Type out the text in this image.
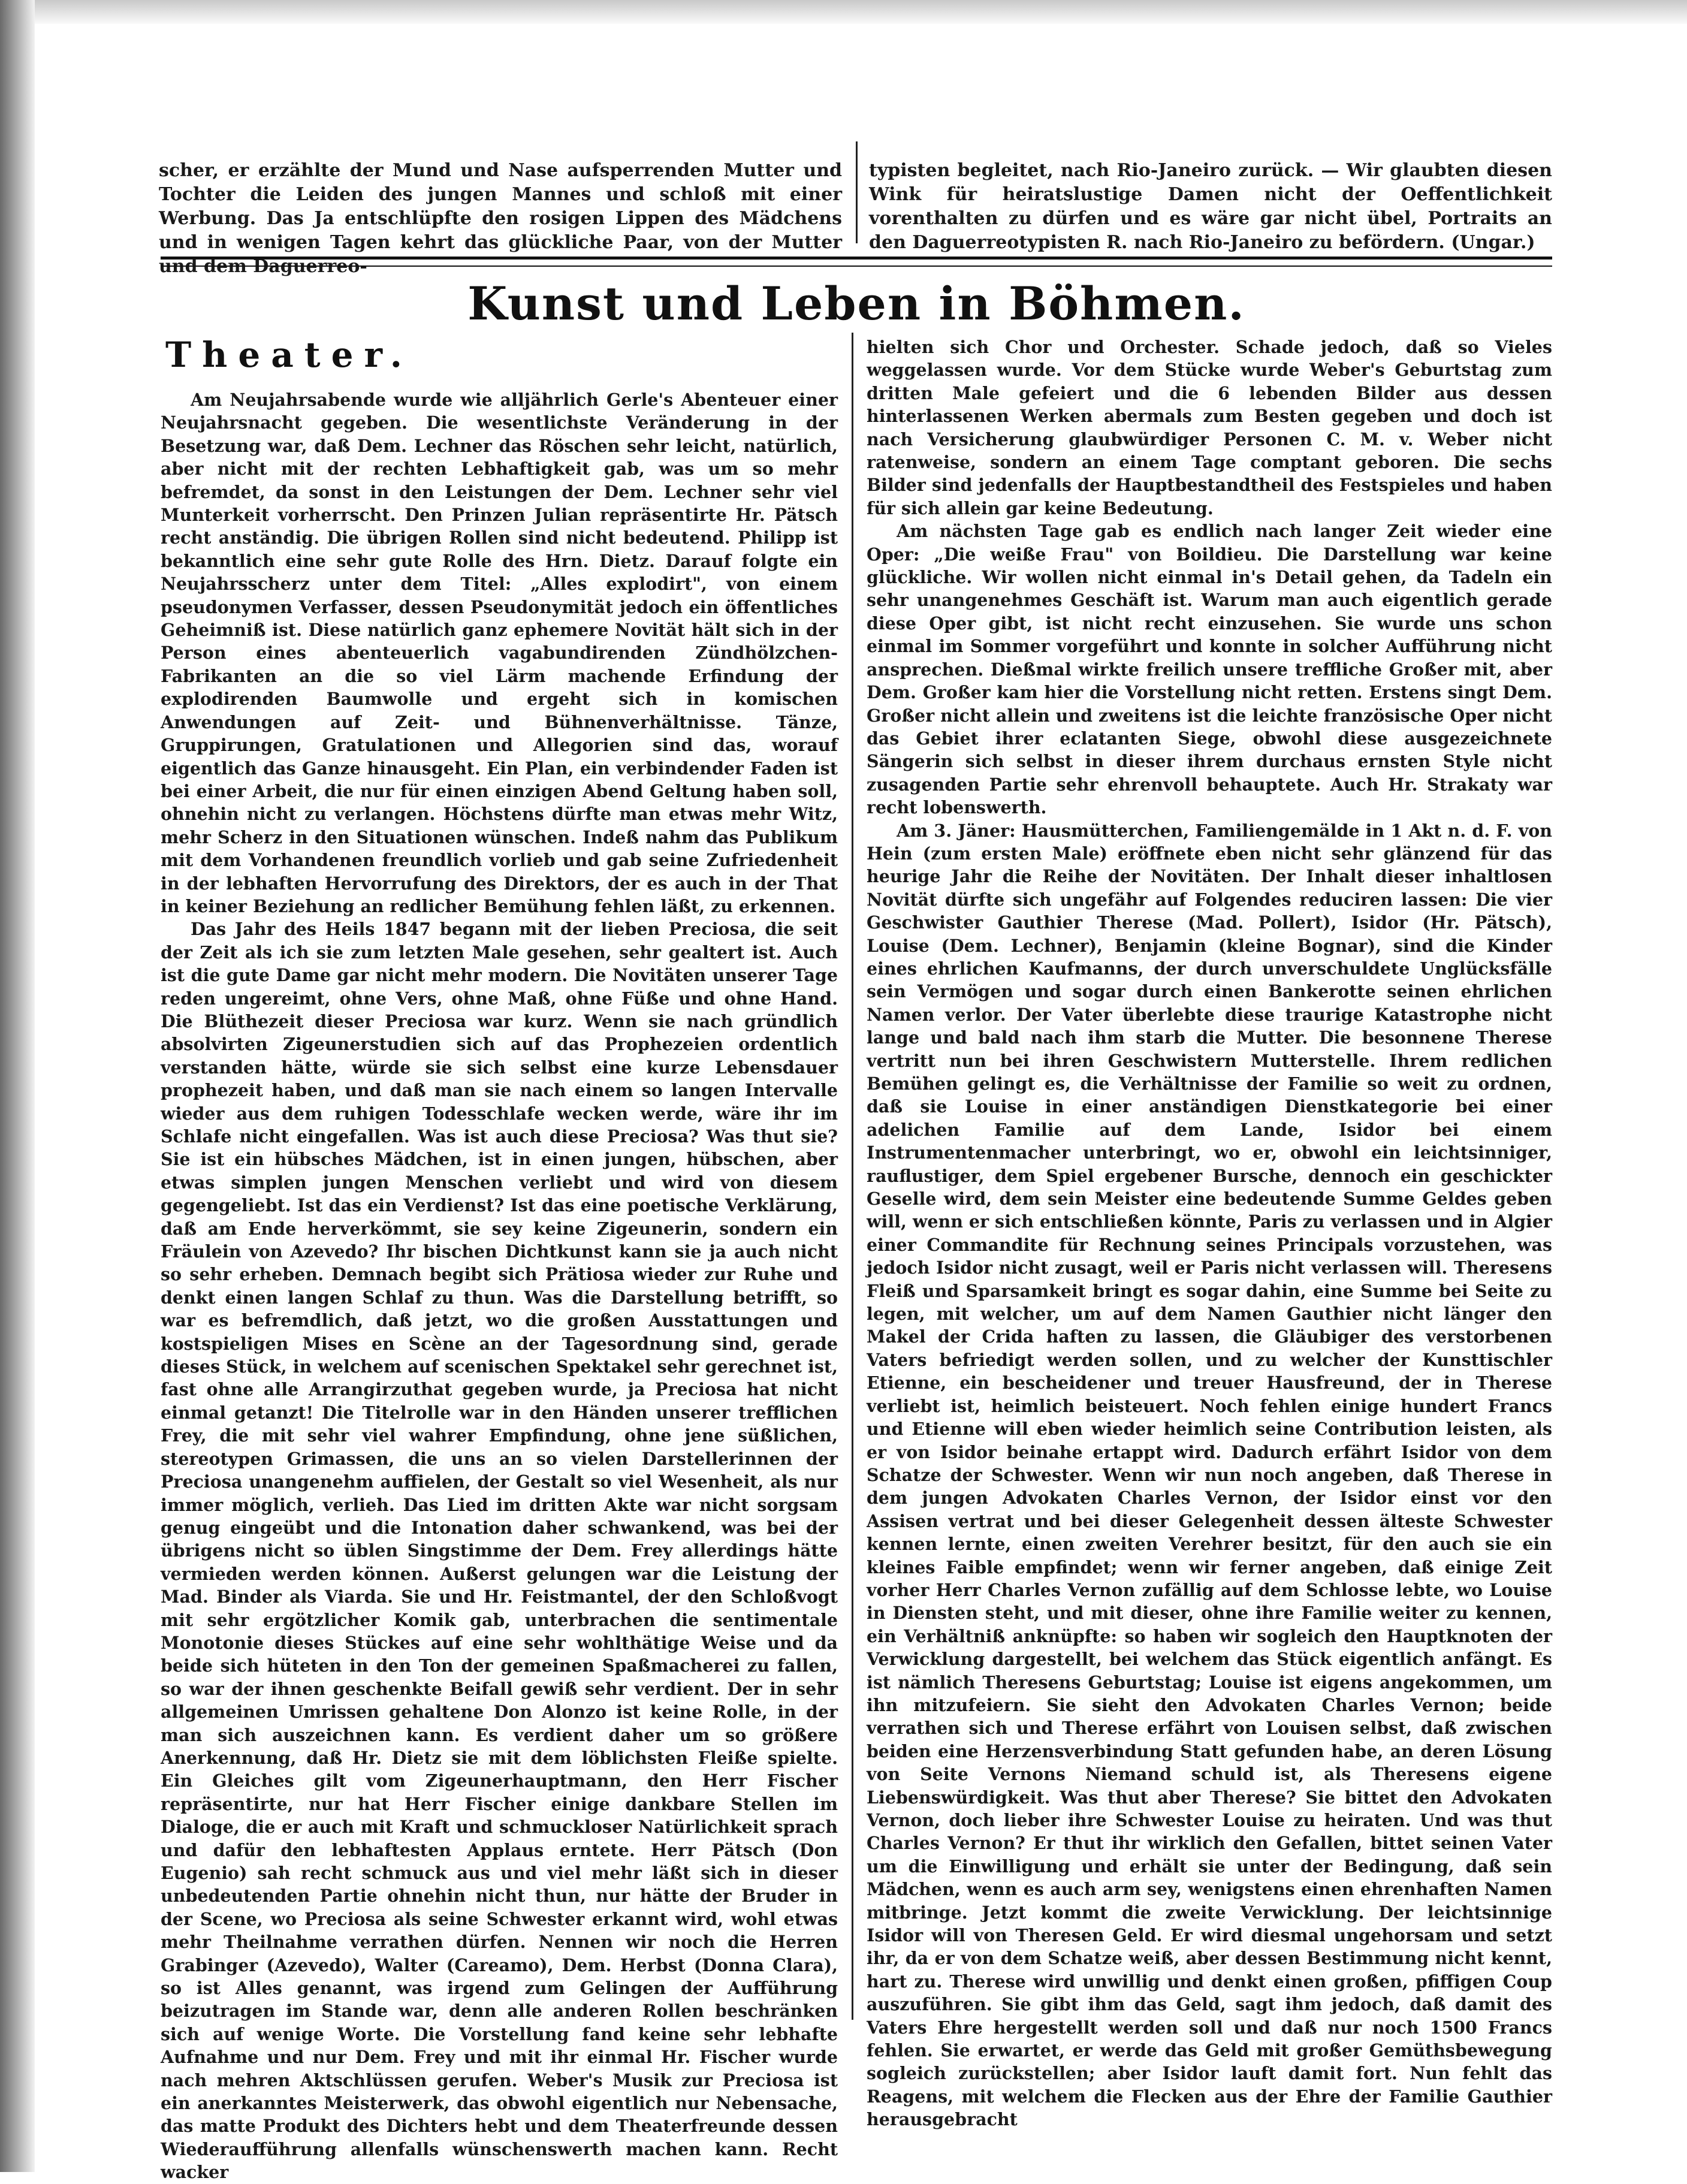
scher, er erzählte der Mund und Nase aufsperrenden Mutter und Tochter die Leiden des jungen Mannes und schloß mit einer Werbung. Das Ja entschlüpfte den rosigen Lippen des Mädchens und in wenigen Tagen kehrt das glückliche Paar, von der Mutter und dem Daguerreo-

typisten begleitet, nach Rio-Janeiro zurück. — Wir glaubten diesen Wink für heiratslustige Damen nicht der Oeffentlichkeit vorenthalten zu dürfen und es wäre gar nicht übel, Portraits an den Daguerreotypisten R. nach Rio-Janeiro zu befördern. (Ungar.)

Kunst und Leben in Böhmen.
Theater.

Am Neujahrsabende wurde wie alljährlich Gerle's Abenteuer einer Neujahrsnacht gegeben. Die wesentlichste Veränderung in der Besetzung war, daß Dem. Lechner das Röschen sehr leicht, natürlich, aber nicht mit der rechten Lebhaftigkeit gab, was um so mehr befremdet, da sonst in den Leistungen der Dem. Lechner sehr viel Munterkeit vorherrscht. Den Prinzen Julian repräsentirte Hr. Pätsch recht anständig. Die übrigen Rollen sind nicht bedeutend. Philipp ist bekanntlich eine sehr gute Rolle des Hrn. Dietz. Darauf folgte ein Neujahrsscherz unter dem Titel: „Alles explodirt", von einem pseudonymen Verfasser, dessen Pseudonymität jedoch ein öffentliches Geheimniß ist. Diese natürlich ganz ephemere Novität hält sich in der Person eines abenteuerlich vagabundirenden Zündhölzchen-Fabrikanten an die so viel Lärm machende Erfindung der explodirenden Baumwolle und ergeht sich in komischen Anwendungen auf Zeit- und Bühnenverhältnisse. Tänze, Gruppirungen, Gratulationen und Allegorien sind das, worauf eigentlich das Ganze hinausgeht. Ein Plan, ein verbindender Faden ist bei einer Arbeit, die nur für einen einzigen Abend Geltung haben soll, ohnehin nicht zu verlangen. Höchstens dürfte man etwas mehr Witz, mehr Scherz in den Situationen wünschen. Indeß nahm das Publikum mit dem Vorhandenen freundlich vorlieb und gab seine Zufriedenheit in der lebhaften Hervorrufung des Direktors, der es auch in der That in keiner Beziehung an redlicher Bemühung fehlen läßt, zu erkennen.

Das Jahr des Heils 1847 begann mit der lieben Preciosa, die seit der Zeit als ich sie zum letzten Male gesehen, sehr gealtert ist. Auch ist die gute Dame gar nicht mehr modern. Die Novitäten unserer Tage reden ungereimt, ohne Vers, ohne Maß, ohne Füße und ohne Hand. Die Blüthezeit dieser Preciosa war kurz. Wenn sie nach gründlich absolvirten Zigeunerstudien sich auf das Prophezeien ordentlich verstanden hätte, würde sie sich selbst eine kurze Lebensdauer prophezeit haben, und daß man sie nach einem so langen Intervalle wieder aus dem ruhigen Todesschlafe wecken werde, wäre ihr im Schlafe nicht eingefallen. Was ist auch diese Preciosa? Was thut sie? Sie ist ein hübsches Mädchen, ist in einen jungen, hübschen, aber etwas simplen jungen Menschen verliebt und wird von diesem gegengeliebt. Ist das ein Verdienst? Ist das eine poetische Verklärung, daß am Ende herverkömmt, sie sey keine Zigeunerin, sondern ein Fräulein von Azevedo? Ihr bischen Dichtkunst kann sie ja auch nicht so sehr erheben. Demnach begibt sich Prätiosa wieder zur Ruhe und denkt einen langen Schlaf zu thun. Was die Darstellung betrifft, so war es befremdlich, daß jetzt, wo die großen Ausstattungen und kostspieligen Mises en Scène an der Tagesordnung sind, gerade dieses Stück, in welchem auf scenischen Spektakel sehr gerechnet ist, fast ohne alle Arrangirzuthat gegeben wurde, ja Preciosa hat nicht einmal getanzt! Die Titelrolle war in den Händen unserer trefflichen Frey, die mit sehr viel wahrer Empfindung, ohne jene süßlichen, stereotypen Grimassen, die uns an so vielen Darstellerinnen der Preciosa unangenehm auffielen, der Gestalt so viel Wesenheit, als nur immer möglich, verlieh. Das Lied im dritten Akte war nicht sorgsam genug eingeübt und die Intonation daher schwankend, was bei der übrigens nicht so üblen Singstimme der Dem. Frey allerdings hätte vermieden werden können. Außerst gelungen war die Leistung der Mad. Binder als Viarda. Sie und Hr. Feistmantel, der den Schloßvogt mit sehr ergötzlicher Komik gab, unterbrachen die sentimentale Monotonie dieses Stückes auf eine sehr wohlthätige Weise und da beide sich hüteten in den Ton der gemeinen Spaßmacherei zu fallen, so war der ihnen geschenkte Beifall gewiß sehr verdient. Der in sehr allgemeinen Umrissen gehaltene Don Alonzo ist keine Rolle, in der man sich auszeichnen kann. Es verdient daher um so größere Anerkennung, daß Hr. Dietz sie mit dem löblichsten Fleiße spielte. Ein Gleiches gilt vom Zigeunerhauptmann, den Herr Fischer repräsentirte, nur hat Herr Fischer einige dankbare Stellen im Dialoge, die er auch mit Kraft und schmuckloser Natürlichkeit sprach und dafür den lebhaftesten Applaus erntete. Herr Pätsch (Don Eugenio) sah recht schmuck aus und viel mehr läßt sich in dieser unbedeutenden Partie ohnehin nicht thun, nur hätte der Bruder in der Scene, wo Preciosa als seine Schwester erkannt wird, wohl etwas mehr Theilnahme verrathen dürfen. Nennen wir noch die Herren Grabinger (Azevedo), Walter (Careamo), Dem. Herbst (Donna Clara), so ist Alles genannt, was irgend zum Gelingen der Aufführung beizutragen im Stande war, denn alle anderen Rollen beschränken sich auf wenige Worte. Die Vorstellung fand keine sehr lebhafte Aufnahme und nur Dem. Frey und mit ihr einmal Hr. Fischer wurde nach mehren Aktschlüssen gerufen. Weber's Musik zur Preciosa ist ein anerkanntes Meisterwerk, das obwohl eigentlich nur Nebensache, das matte Produkt des Dichters hebt und dem Theaterfreunde dessen Wiederaufführung allenfalls wünschenswerth machen kann. Recht wacker

hielten sich Chor und Orchester. Schade jedoch, daß so Vieles weggelassen wurde. Vor dem Stücke wurde Weber's Geburtstag zum dritten Male gefeiert und die 6 lebenden Bilder aus dessen hinterlassenen Werken abermals zum Besten gegeben und doch ist nach Versicherung glaubwürdiger Personen C. M. v. Weber nicht ratenweise, sondern an einem Tage comptant geboren. Die sechs Bilder sind jedenfalls der Hauptbestandtheil des Festspieles und haben für sich allein gar keine Bedeutung.

Am nächsten Tage gab es endlich nach langer Zeit wieder eine Oper: „Die weiße Frau" von Boildieu. Die Darstellung war keine glückliche. Wir wollen nicht einmal in's Detail gehen, da Tadeln ein sehr unangenehmes Geschäft ist. Warum man auch eigentlich gerade diese Oper gibt, ist nicht recht einzusehen. Sie wurde uns schon einmal im Sommer vorgeführt und konnte in solcher Aufführung nicht ansprechen. Dießmal wirkte freilich unsere treffliche Großer mit, aber Dem. Großer kam hier die Vorstellung nicht retten. Erstens singt Dem. Großer nicht allein und zweitens ist die leichte französische Oper nicht das Gebiet ihrer eclatanten Siege, obwohl diese ausgezeichnete Sängerin sich selbst in dieser ihrem durchaus ernsten Style nicht zusagenden Partie sehr ehrenvoll behauptete. Auch Hr. Strakaty war recht lobenswerth.

Am 3. Jäner: Hausmütterchen, Familiengemälde in 1 Akt n. d. F. von Hein (zum ersten Male) eröffnete eben nicht sehr glänzend für das heurige Jahr die Reihe der Novitäten. Der Inhalt dieser inhaltlosen Novität dürfte sich ungefähr auf Folgendes reduciren lassen: Die vier Geschwister Gauthier Therese (Mad. Pollert), Isidor (Hr. Pätsch), Louise (Dem. Lechner), Benjamin (kleine Bognar), sind die Kinder eines ehrlichen Kaufmanns, der durch unverschuldete Unglücksfälle sein Vermögen und sogar durch einen Bankerotte seinen ehrlichen Namen verlor. Der Vater überlebte diese traurige Katastrophe nicht lange und bald nach ihm starb die Mutter. Die besonnene Therese vertritt nun bei ihren Geschwistern Mutterstelle. Ihrem redlichen Bemühen gelingt es, die Verhältnisse der Familie so weit zu ordnen, daß sie Louise in einer anständigen Dienstkategorie bei einer adelichen Familie auf dem Lande, Isidor bei einem Instrumentenmacher unterbringt, wo er, obwohl ein leichtsinniger, rauflustiger, dem Spiel ergebener Bursche, dennoch ein geschickter Geselle wird, dem sein Meister eine bedeutende Summe Geldes geben will, wenn er sich entschließen könnte, Paris zu verlassen und in Algier einer Commandite für Rechnung seines Principals vorzustehen, was jedoch Isidor nicht zusagt, weil er Paris nicht verlassen will. Theresens Fleiß und Sparsamkeit bringt es sogar dahin, eine Summe bei Seite zu legen, mit welcher, um auf dem Namen Gauthier nicht länger den Makel der Crida haften zu lassen, die Gläubiger des verstorbenen Vaters befriedigt werden sollen, und zu welcher der Kunsttischler Etienne, ein bescheidener und treuer Hausfreund, der in Therese verliebt ist, heimlich beisteuert. Noch fehlen einige hundert Francs und Etienne will eben wieder heimlich seine Contribution leisten, als er von Isidor beinahe ertappt wird. Dadurch erfährt Isidor von dem Schatze der Schwester. Wenn wir nun noch angeben, daß Therese in dem jungen Advokaten Charles Vernon, der Isidor einst vor den Assisen vertrat und bei dieser Gelegenheit dessen älteste Schwester kennen lernte, einen zweiten Verehrer besitzt, für den auch sie ein kleines Faible empfindet; wenn wir ferner angeben, daß einige Zeit vorher Herr Charles Vernon zufällig auf dem Schlosse lebte, wo Louise in Diensten steht, und mit dieser, ohne ihre Familie weiter zu kennen, ein Verhältniß anknüpfte: so haben wir sogleich den Hauptknoten der Verwicklung dargestellt, bei welchem das Stück eigentlich anfängt. Es ist nämlich Theresens Geburtstag; Louise ist eigens angekommen, um ihn mitzufeiern. Sie sieht den Advokaten Charles Vernon; beide verrathen sich und Therese erfährt von Louisen selbst, daß zwischen beiden eine Herzensverbindung Statt gefunden habe, an deren Lösung von Seite Vernons Niemand schuld ist, als Theresens eigene Liebenswürdigkeit. Was thut aber Therese? Sie bittet den Advokaten Vernon, doch lieber ihre Schwester Louise zu heiraten. Und was thut Charles Vernon? Er thut ihr wirklich den Gefallen, bittet seinen Vater um die Einwilligung und erhält sie unter der Bedingung, daß sein Mädchen, wenn es auch arm sey, wenigstens einen ehrenhaften Namen mitbringe. Jetzt kommt die zweite Verwicklung. Der leichtsinnige Isidor will von Theresen Geld. Er wird diesmal ungehorsam und setzt ihr, da er von dem Schatze weiß, aber dessen Bestimmung nicht kennt, hart zu. Therese wird unwillig und denkt einen großen, pfiffigen Coup auszuführen. Sie gibt ihm das Geld, sagt ihm jedoch, daß damit des Vaters Ehre hergestellt werden soll und daß nur noch 1500 Francs fehlen. Sie erwartet, er werde das Geld mit großer Gemüthsbewegung sogleich zurückstellen; aber Isidor lauft damit fort. Nun fehlt das Reagens, mit welchem die Flecken aus der Ehre der Familie Gauthier herausgebracht
